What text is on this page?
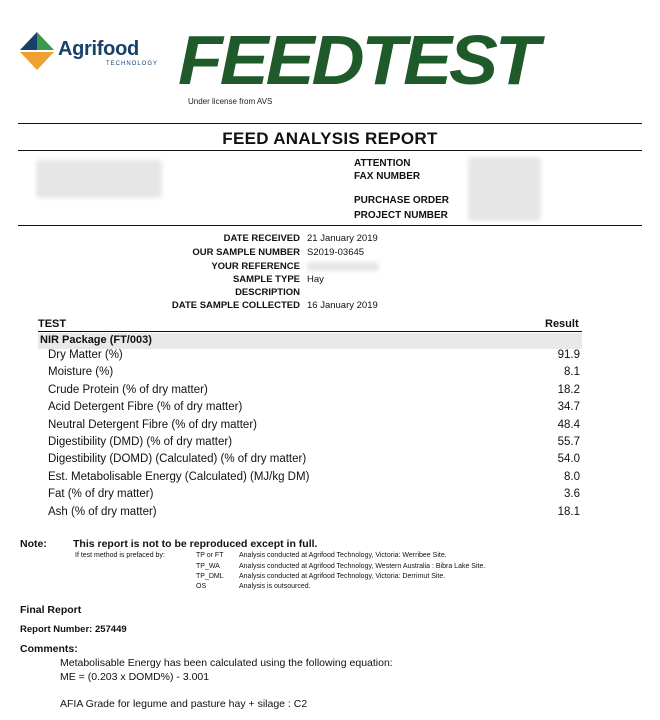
Agrifood
TECHNOLOGY FEEDTEST
Under license from AVS
FEED ANALYSIS REPORT
ATTENTION
FAX NUMBER
PURCHASE ORDER
PROJECT NUMBER
DATE RECEIVED 21 January 2019
OUR SAMPLE NUMBER S2019-03645
YOUR REFERENCE
SAMPLE TYPE Hay
DESCRIPTION
DATE SAMPLE COLLECTED 16 January 2019
TEST	Result
NIR Package (FT/003)
Dry Matter (%)	91.9
Moisture (%)	8.1
Crude Protein (% of dry matter)	18.2
Acid Detergent Fibre (% of dry matter)	34.7
Neutral Detergent Fibre (% of dry matter)	48.4
Digestibility (DMD) (% of dry matter)	55.7
Digestibility (DOMD) (Calculated) (% of dry matter)	54.0
Est. Metabolisable Energy (Calculated) (MJ/kg DM)	8.0
Fat (% of dry matter)	3.6
Ash (% of dry matter)	18.1
Note: This report is not to be reproduced except in full.
If test method is prefaced by:	TP or FT Analysis conducted at Agrifood Technology, Victoria: Werribee Site.
TP_WA	Analysis conducted at Agrifood Technology, Western Australia : Bibra Lake Site.
TP_DML Analysis conducted at Agrifood Technology, Victoria: Derrimut Site.
OS	Analysis is outsourced.
Final Report
Report Number: 257449
Comments:
Metabolisable Energy has been calculated using the following equation:
ME = (0.203 x DOMD%) - 3.001
AFIA Grade for legume and pasture hay + silage : C2
